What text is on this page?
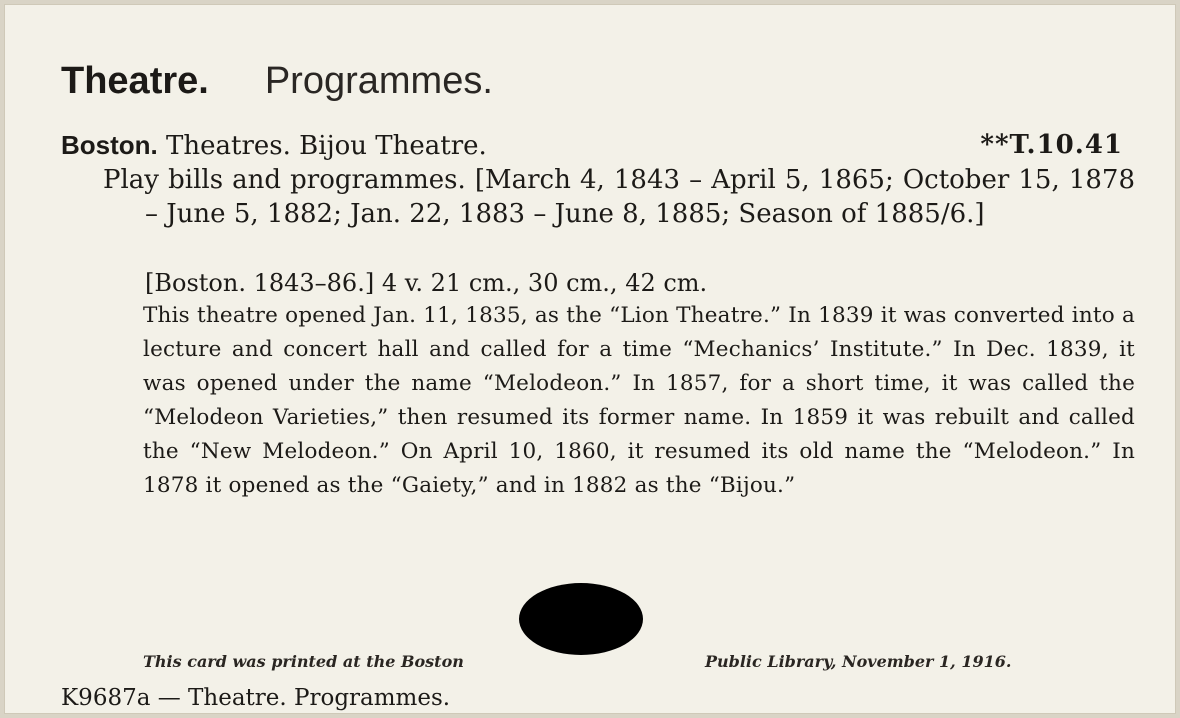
Theatre. Programmes.
Boston. Theatres. Bijou Theatre.	**T.10.41
Play bills and programmes. [March 4, 1843 – April 5, 1865; October 15, 1878 – June 5, 1882; Jan. 22, 1883 – June 8, 1885; Season of 1885/6.]
[Boston. 1843–86.] 4 v. 21 cm., 30 cm., 42 cm.
This theatre opened Jan. 11, 1835, as the “Lion Theatre.” In 1839 it was converted into a lecture and concert hall and called for a time “Mechanics’ Institute.” In Dec. 1839, it was opened under the name “Melodeon.” In 1857, for a short time, it was called the “Melodeon Varieties,” then resumed its former name. In 1859 it was rebuilt and called the “New Melodeon.” On April 10, 1860, it resumed its old name the “Melodeon.” In 1878 it opened as the “Gaiety,” and in 1882 as the “Bijou.”
This card was printed at the Boston	Public Library, November 1, 1916.
K9687a — Theatre. Programmes.
